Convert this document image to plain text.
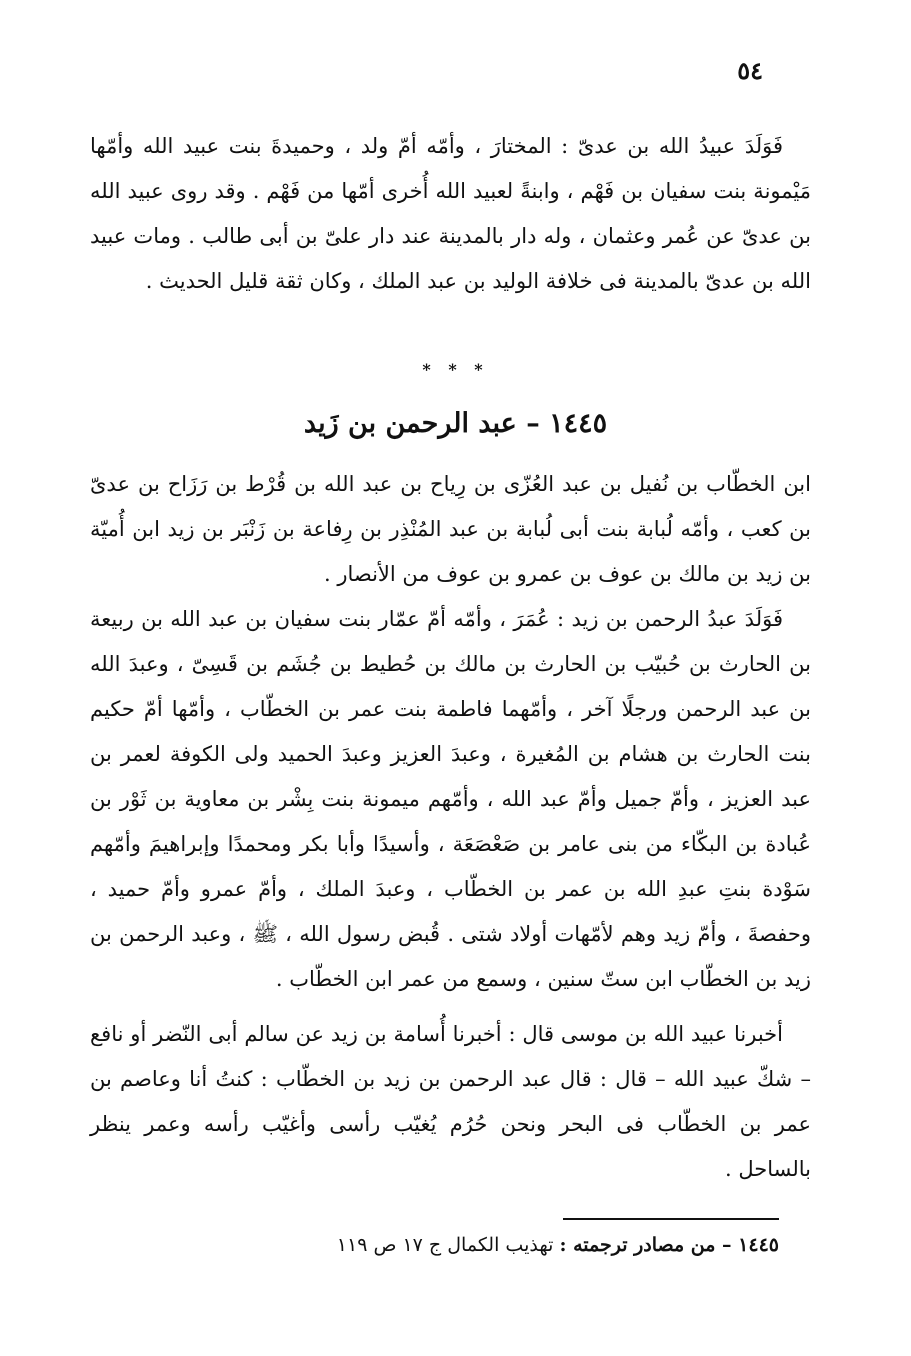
٥٤

فَوَلَدَ عبيدُ الله بن عدىّ : المختارَ ، وأمّه أمّ ولد ، وحميدةَ بنت عبيد الله وأمّها مَيْمونة بنت سفيان بن فَهْم ، وابنةً لعبيد الله أُخرى أمّها من فَهْم . وقد روى عبيد الله بن عدىّ عن عُمر وعثمان ، وله دار بالمدينة عند دار علىّ بن أبى طالب . ومات عبيد الله بن عدىّ بالمدينة فى خلافة الوليد بن عبد الملك ، وكان ثقة قليل الحديث .

* * *
١٤٤٥ – عبد الرحمن بن زَيد

ابن الخطّاب بن نُفيل بن عبد العُزّى بن رِياح بن عبد الله بن قُرْط بن رَزَاح بن عدىّ بن كعب ، وأمّه لُبابة بنت أبى لُبابة بن عبد المُنْذِر بن رِفاعة بن زَنْبَر بن زيد ابن أُميّة بن زيد بن مالك بن عوف بن عمرو بن عوف من الأنصار .

فَوَلَدَ عبدُ الرحمن بن زيد : عُمَرَ ، وأمّه أمّ عمّار بنت سفيان بن عبد الله بن ربيعة بن الحارث بن حُبيّب بن الحارث بن مالك بن حُطيط بن جُشَم بن قَسِىّ ، وعبدَ الله بن عبد الرحمن ورجلًا آخر ، وأمّهما فاطمة بنت عمر بن الخطّاب ، وأمّها أمّ حكيم بنت الحارث بن هشام بن المُغيرة ، وعبدَ العزيز وعبدَ الحميد ولى الكوفة لعمر بن عبد العزيز ، وأمّ جميل وأمّ عبد الله ، وأمّهم ميمونة بنت بِشْر بن معاوية بن ثَوْر بن عُبادة بن البكّاء من بنى عامر بن صَعْصَعَة ، وأسيدًا وأبا بكر ومحمدًا وإبراهيمَ وأمّهم سَوْدة بنتِ عبدِ الله بن عمر بن الخطّاب ، وعبدَ الملك ، وأمّ عمرو وأمّ حميد ، وحفصةَ ، وأمّ زيد وهم لأمّهات أولاد شتى . قُبض رسول الله ، ﷺ ، وعبد الرحمن بن زيد بن الخطّاب ابن ستّ سنين ، وسمع من عمر ابن الخطّاب .

أخبرنا عبيد الله بن موسى قال : أخبرنا أُسامة بن زيد عن سالم أبى النّضر أو نافع – شكّ عبيد الله – قال : قال عبد الرحمن بن زيد بن الخطّاب : كنتُ أنا وعاصم بن عمر بن الخطّاب فى البحر ونحن حُرُم يُغيّب رأسى وأغيّب رأسه وعمر ينظر بالساحل .

١٤٤٥ – من مصادر ترجمته : تهذيب الكمال ج ١٧ ص ١١٩
